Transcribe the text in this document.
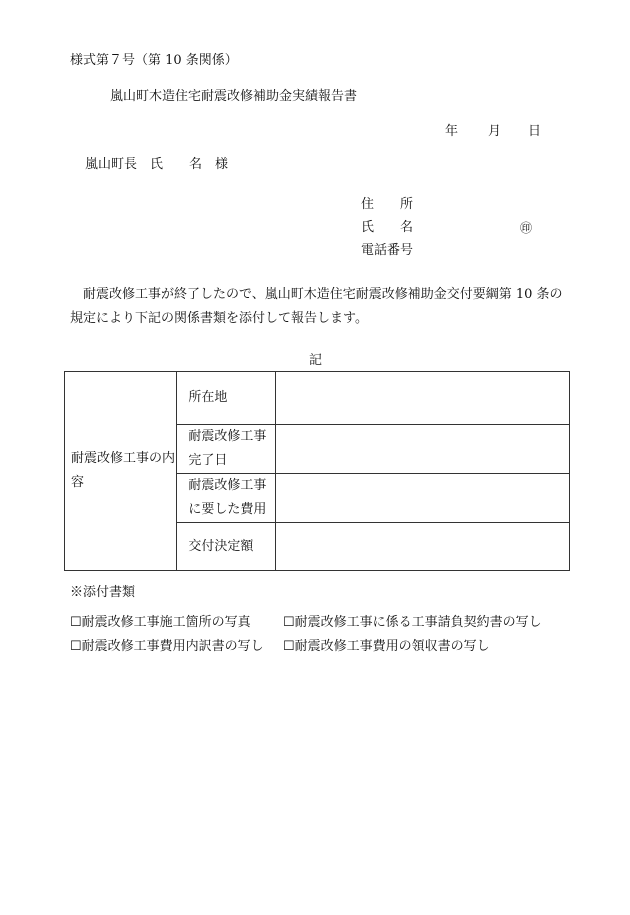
様式第７号（第 10 条関係）
嵐山町木造住宅耐震改修補助金実績報告書
年 月 日
嵐山町長　氏　　名　様
住　　所
氏　　名	㊞
電話番号
耐震改修工事が終了したので、嵐山町木造住宅耐震改修補助金交付要綱第 10 条の規定により下記の関係書類を添付して報告します。
記
耐震改修工事の内容	所在地	
	耐震改修工事完了日	
	耐震改修工事に要した費用	
	交付決定額	
※添付書類
☐耐震改修工事施工箇所の写真 ☐耐震改修工事に係る工事請負契約書の写し
☐耐震改修工事費用内訳書の写し ☐耐震改修工事費用の領収書の写し
